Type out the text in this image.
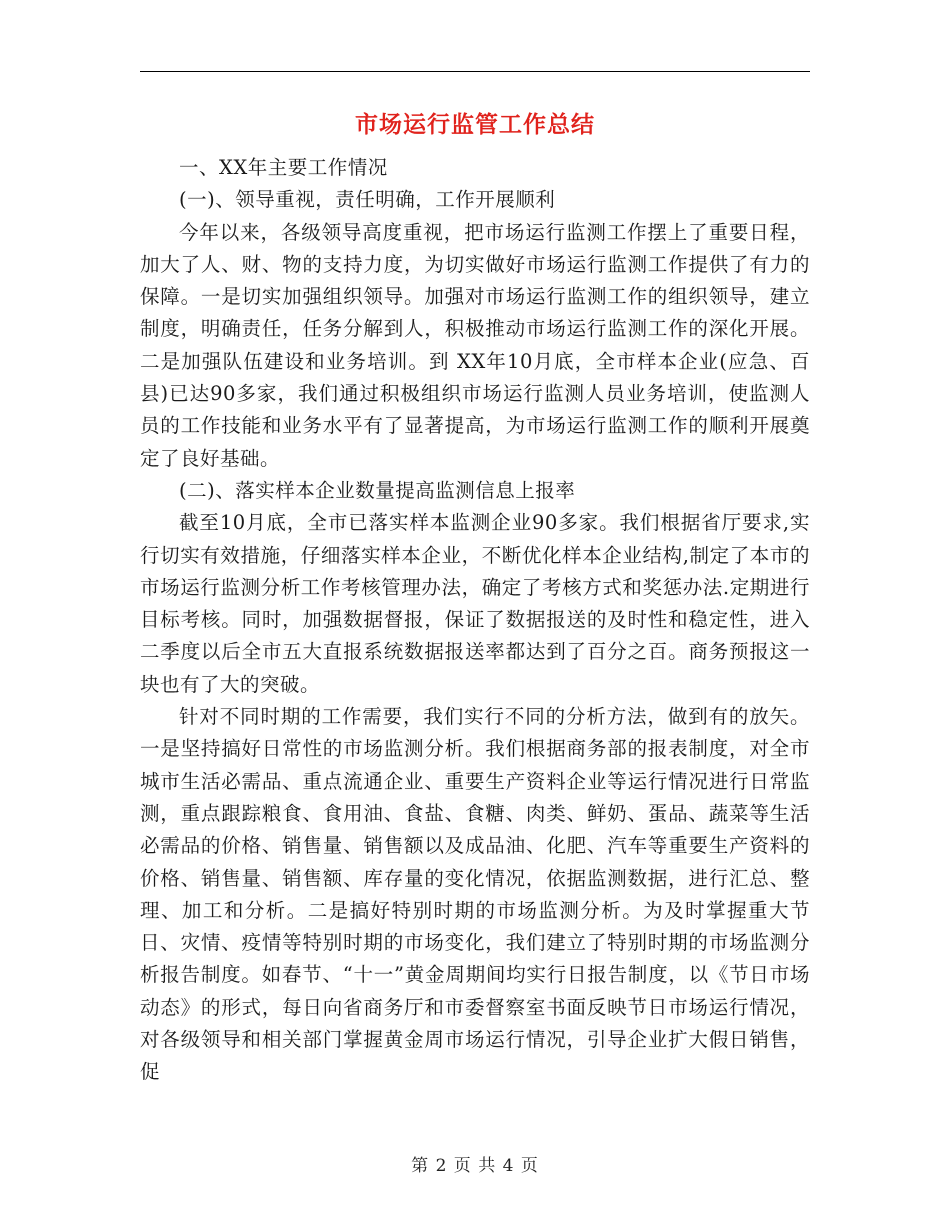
市场运行监管工作总结

一、XX年主要工作情况

(一)、领导重视，责任明确，工作开展顺利

今年以来，各级领导高度重视，把市场运行监测工作摆上了重要日程，加大了人、财、物的支持力度，为切实做好市场运行监测工作提供了有力的保障。一是切实加强组织领导。加强对市场运行监测工作的组织领导，建立制度，明确责任，任务分解到人，积极推动市场运行监测工作的深化开展。二是加强队伍建设和业务培训。到 XX年10月底，全市样本企业(应急、百县)已达90多家，我们通过积极组织市场运行监测人员业务培训，使监测人员的工作技能和业务水平有了显著提高，为市场运行监测工作的顺利开展奠定了良好基础。

(二)、落实样本企业数量提高监测信息上报率

截至10月底，全市已落实样本监测企业90多家。我们根据省厅要求,实行切实有效措施，仔细落实样本企业，不断优化样本企业结构,制定了本市的市场运行监测分析工作考核管理办法，确定了考核方式和奖惩办法.定期进行目标考核。同时，加强数据督报，保证了数据报送的及时性和稳定性，进入二季度以后全市五大直报系统数据报送率都达到了百分之百。商务预报这一块也有了大的突破。

针对不同时期的工作需要，我们实行不同的分析方法，做到有的放矢。一是坚持搞好日常性的市场监测分析。我们根据商务部的报表制度，对全市城市生活必需品、重点流通企业、重要生产资料企业等运行情况进行日常监测，重点跟踪粮食、食用油、食盐、食糖、肉类、鲜奶、蛋品、蔬菜等生活必需品的价格、销售量、销售额以及成品油、化肥、汽车等重要生产资料的价格、销售量、销售额、库存量的变化情况，依据监测数据，进行汇总、整理、加工和分析。二是搞好特别时期的市场监测分析。为及时掌握重大节日、灾情、疫情等特别时期的市场变化，我们建立了特别时期的市场监测分析报告制度。如春节、“十一”黄金周期间均实行日报告制度，以《节日市场动态》的形式，每日向省商务厅和市委督察室书面反映节日市场运行情况，对各级领导和相关部门掌握黄金周市场运行情况，引导企业扩大假日销售，促

第 2 页 共 4 页
